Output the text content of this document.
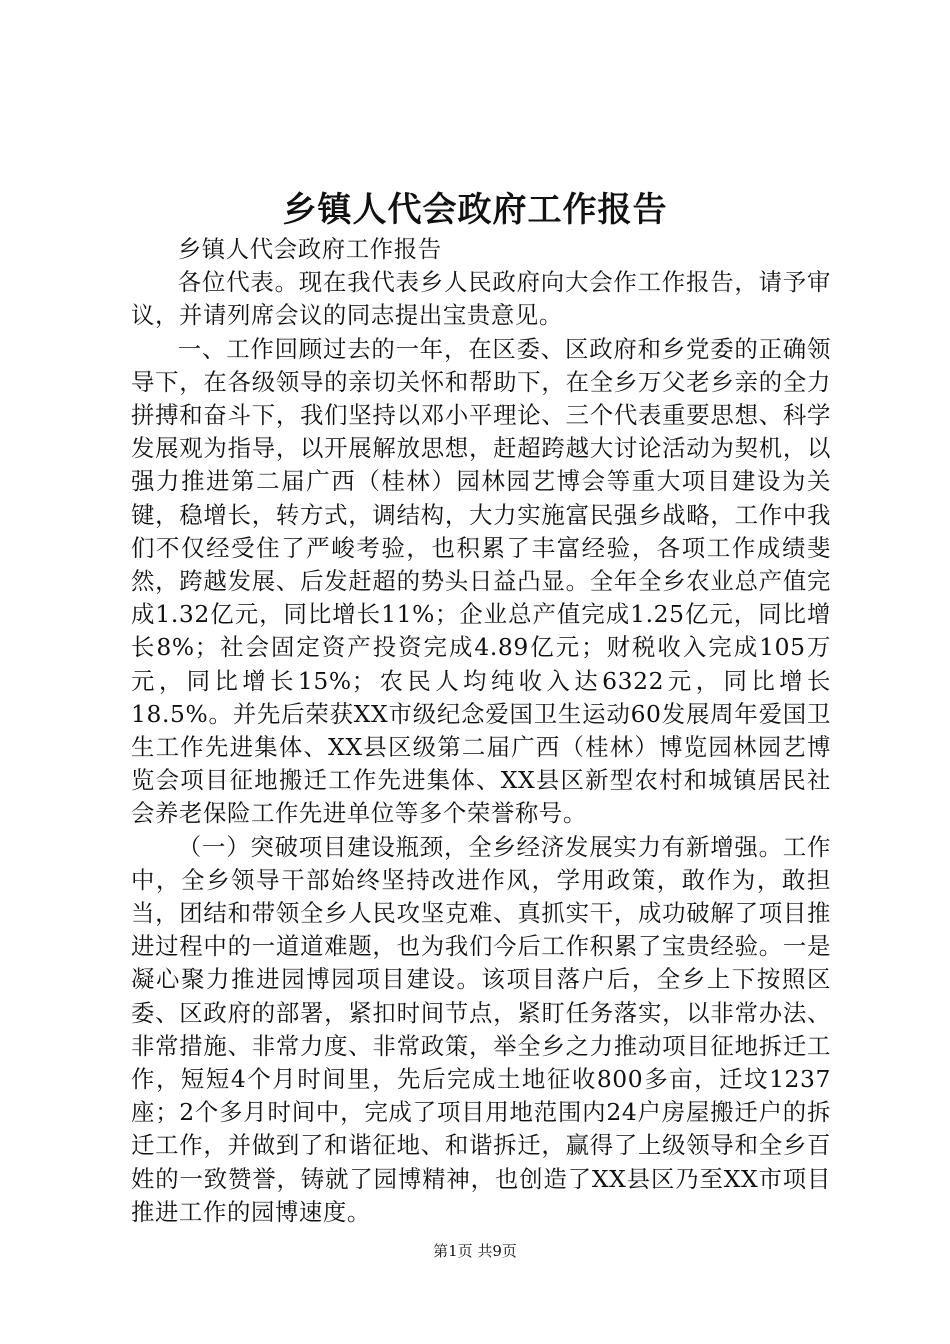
乡镇人代会政府工作报告

乡镇人代会政府工作报告

各位代表。现在我代表乡人民政府向大会作工作报告，请予审议，并请列席会议的同志提出宝贵意见。

一、工作回顾过去的一年，在区委、区政府和乡党委的正确领导下，在各级领导的亲切关怀和帮助下，在全乡万父老乡亲的全力拼搏和奋斗下，我们坚持以邓小平理论、三个代表重要思想、科学发展观为指导，以开展解放思想，赶超跨越大讨论活动为契机，以强力推进第二届广西（桂林）园林园艺博会等重大项目建设为关键，稳增长，转方式，调结构，大力实施富民强乡战略，工作中我们不仅经受住了严峻考验，也积累了丰富经验，各项工作成绩斐然，跨越发展、后发赶超的势头日益凸显。全年全乡农业总产值完成1.32亿元，同比增长11%；企业总产值完成1.25亿元，同比增长8%；社会固定资产投资完成4.89亿元；财税收入完成105万元，同比增长15%；农民人均纯收入达6322元，同比增长18.5%。并先后荣获XX市级纪念爱国卫生运动60发展周年爱国卫生工作先进集体、XX县区级第二届广西（桂林）博览园林园艺博览会项目征地搬迁工作先进集体、XX县区新型农村和城镇居民社会养老保险工作先进单位等多个荣誉称号。

（一）突破项目建设瓶颈，全乡经济发展实力有新增强。工作中，全乡领导干部始终坚持改进作风，学用政策，敢作为，敢担当，团结和带领全乡人民攻坚克难、真抓实干，成功破解了项目推进过程中的一道道难题，也为我们今后工作积累了宝贵经验。一是凝心聚力推进园博园项目建设。该项目落户后，全乡上下按照区委、区政府的部署，紧扣时间节点，紧盯任务落实，以非常办法、非常措施、非常力度、非常政策，举全乡之力推动项目征地拆迁工作，短短4个月时间里，先后完成土地征收800多亩，迁坟1237座；2个多月时间中，完成了项目用地范围内24户房屋搬迁户的拆迁工作，并做到了和谐征地、和谐拆迁，赢得了上级领导和全乡百姓的一致赞誉，铸就了园博精神，也创造了XX县区乃至XX市项目推进工作的园博速度。

第1页 共9页
